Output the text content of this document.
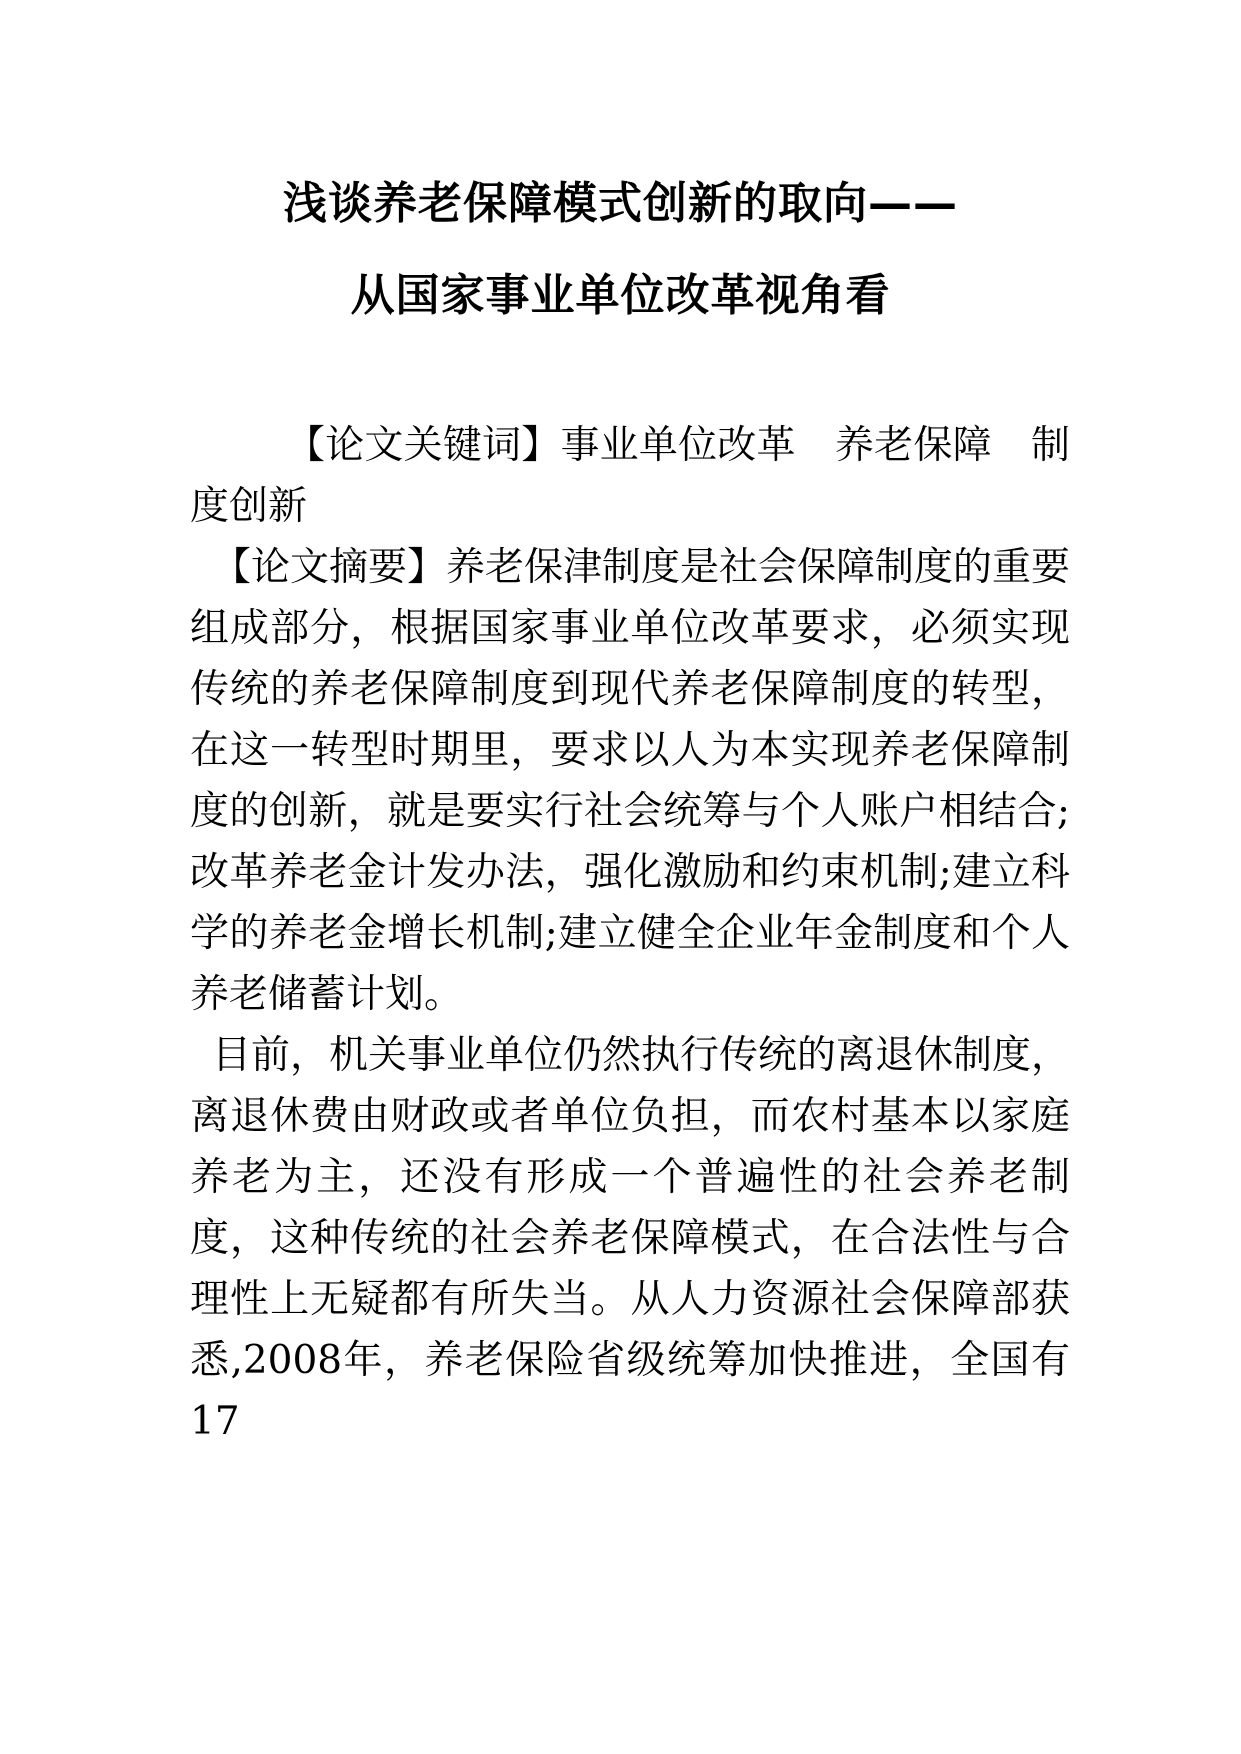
浅谈养老保障模式创新的取向——
从国家事业单位改革视角看

【论文关键词】事业单位改革　养老保障　制度创新

【论文摘要】养老保津制度是社会保障制度的重要组成部分，根据国家事业单位改革要求，必须实现传统的养老保障制度到现代养老保障制度的转型，在这一转型时期里，要求以人为本实现养老保障制度的创新，就是要实行社会统筹与个人账户相结合;改革养老金计发办法，强化激励和约束机制;建立科学的养老金增长机制;建立健全企业年金制度和个人养老储蓄计划。

目前，机关事业单位仍然执行传统的离退休制度，离退休费由财政或者单位负担，而农村基本以家庭养老为主，还没有形成一个普遍性的社会养老制度，这种传统的社会养老保障模式，在合法性与合理性上无疑都有所失当。从人力资源社会保障部获悉,2008年，养老保险省级统筹加快推进，全国有 17
